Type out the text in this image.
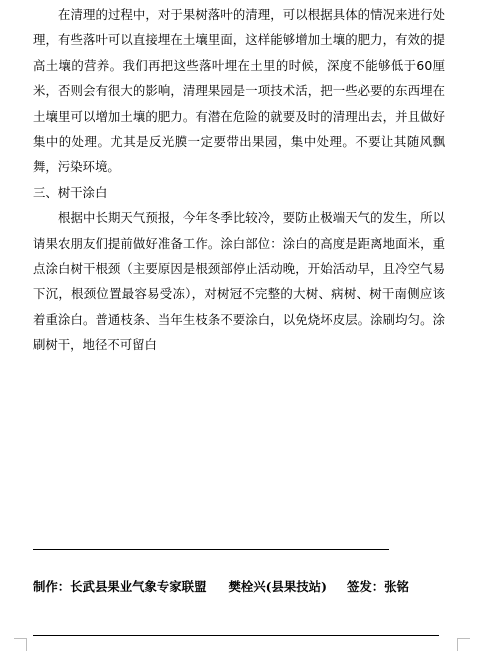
在清理的过程中，对于果树落叶的清理，可以根据具体的情况来进行处理，有些落叶可以直接埋在土壤里面，这样能够增加土壤的肥力，有效的提高土壤的营养。我们再把这些落叶埋在土里的时候，深度不能够低于60厘米，否则会有很大的影响，清理果园是一项技术活，把一些必要的东西埋在土壤里可以增加土壤的肥力。有潜在危险的就要及时的清理出去，并且做好集中的处理。尤其是反光膜一定要带出果园，集中处理。不要让其随风飘舞，污染环境。

三、树干涂白

根据中长期天气预报，今年冬季比较冷，要防止极端天气的发生，所以请果农朋友们提前做好准备工作。涂白部位：涂白的高度是距离地面米，重点涂白树干根颈（主要原因是根颈部停止活动晚，开始活动早，且冷空气易下沉，根颈位置最容易受冻），对树冠不完整的大树、病树、树干南侧应该着重涂白。普通枝条、当年生枝条不要涂白，以免烧坏皮层。涂刷均匀。涂刷树干，地径不可留白

制作：长武县果业气象专家联盟 樊栓兴(县果技站) 签发：张铭
